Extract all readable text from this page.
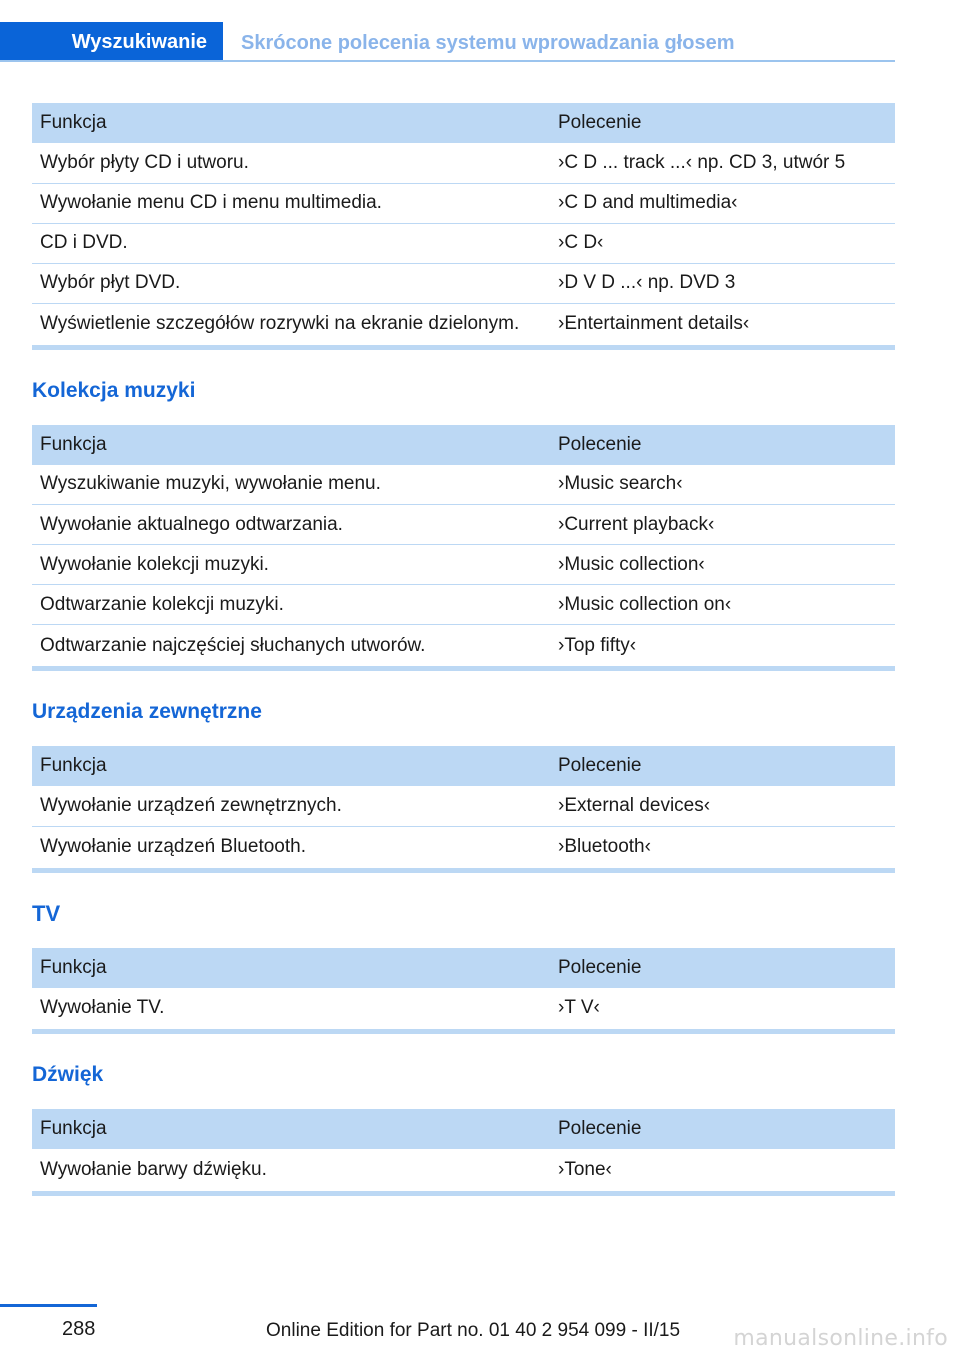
Wyszukiwanie	Skrócone polecenia systemu wprowadzania głosem
Funkcja	Polecenie
Wybór płyty CD i utworu.	›C D ... track ...‹ np. CD 3, utwór 5
Wywołanie menu CD i menu multimedia.	›C D and multimedia‹
CD i DVD.	›C D‹
Wybór płyt DVD.	›D V D ...‹ np. DVD 3
Wyświetlenie szczegółów rozrywki na ekranie dzielonym.	›Entertainment details‹
Kolekcja muzyki
Funkcja	Polecenie
Wyszukiwanie muzyki, wywołanie menu.	›Music search‹
Wywołanie aktualnego odtwarzania.	›Current playback‹
Wywołanie kolekcji muzyki.	›Music collection‹
Odtwarzanie kolekcji muzyki.	›Music collection on‹
Odtwarzanie najczęściej słuchanych utworów.	›Top fifty‹
Urządzenia zewnętrzne
Funkcja	Polecenie
Wywołanie urządzeń zewnętrznych.	›External devices‹
Wywołanie urządzeń Bluetooth.	›Bluetooth‹
TV
Funkcja	Polecenie
Wywołanie TV.	›T V‹
Dźwięk
Funkcja	Polecenie
Wywołanie barwy dźwięku.	›Tone‹
288	Online Edition for Part no. 01 40 2 954 099 - II/15 manualsonline.info
